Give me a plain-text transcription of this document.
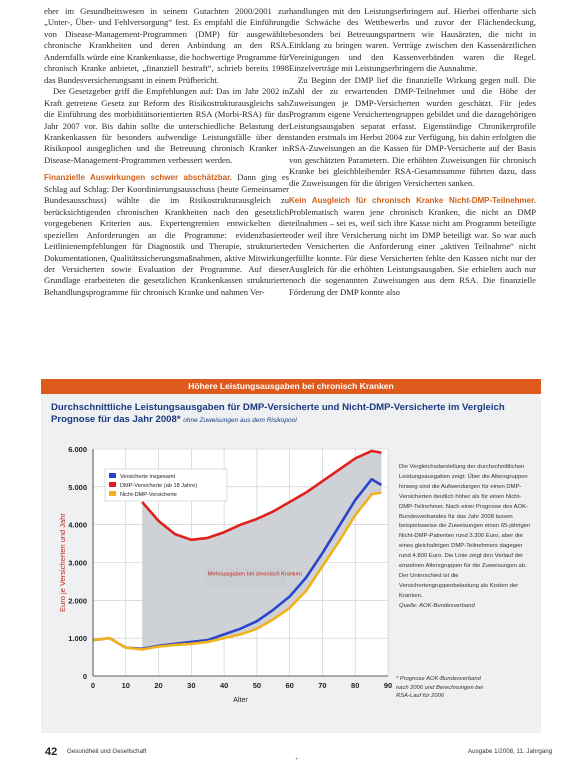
eher im Gesundheitswesen in seinem Gutachten 2000/2001 zur „Unter-, Über- und Fehlversorgung“ fest. Es empfahl die Einführung von Disease-Management-Programmen (DMP) für ausgewählte chronische Krankheiten und deren Anbindung an den RSA. Andernfalls würde eine Krankenkasse, die hochwertige Programme für chronisch Kranke anbietet, „finanziell bestraft“, schrieb bereits 1998 das Bundesversicherungsamt in einem Prüfbericht.

Der Gesetzgeber griff die Empfehlungen auf: Das im Jahr 2002 in Kraft getretene Gesetz zur Reform des Risikostrukturausgleichs sah die Einführung des morbiditätsorientierten RSA (Morbi-RSA) für das Jahr 2007 vor. Bis dahin sollte die unterschiedliche Belastung der Krankenkassen für besonders aufwendige Leistungsfälle über den Risikopool ausgeglichen und die Betreuung chronisch Kranker in Disease-Management-Programmen verbessert werden.

Finanzielle Auswirkungen schwer abschätzbar. Dann ging es Schlag auf Schlag: Der Koordinierungsausschuss (heute Gemeinsamer Bundesausschuss) wählte die im Risikostrukturausgleich zu berücksichtigenden chronischen Krankheiten nach den gesetzlich vorgegebenen Kriterien aus. Expertengremien entwickelten die speziellen Anforderungen an die Programme: evidenzbasierte Leitlinienempfehlungen für Diagnostik und Therapie, strukturierte Dokumentationen, Qualitätssicherungsmaßnahmen, aktive Mitwirkung der Versicherten sowie Evaluation der Programme. Auf dieser Grundlage erarbeiteten die gesetzlichen Krankenkassen strukturierte Behandlungsprogramme für chronisch Kranke und nahmen Ver-

handlungen mit den Leistungserbringern auf. Hierbei offenbarte sich die Schwäche des Wettbewerbs und zuvor der Flächendeckung, besonders bei Betreuungspartnern wie Hausärzten, die nicht in Einklang zu bringen waren. Verträge zwischen den Kassenärztlichen Vereinigungen und den Kassenverbänden waren die Regel. Einzelverträge mit Leistungserbringern die Ausnahme.

Zu Beginn der DMP lief die finanzielle Wirkung gegen null. Die Zahl der zu erwartenden DMP-Teilnehmer und die Höhe der Zuweisungen je DMP-Versicherten wurden geschätzt. Für jedes Programm eigene Versichertengruppen gebildet und die dazugehörigen Leistungsausgaben separat erfasst. Eigenständige Chronikerprofile standen erstmals im Herbst 2004 zur Verfügung, bis dahin erfolgten die RSA-Zuweisungen an die Kassen für DMP-Versicherte auf der Basis von geschätzten Parametern. Die erhöhten Zuweisungen für chronisch Kranke bei gleichbleibender RSA-Gesamtsumme führten dazu, dass die Zuweisungen für die übrigen Versicherten sanken.

Kein Ausgleich für chronisch Kranke Nicht-DMP-Teilnehmer. Problematisch waren jene chronisch Kranken, die nicht an DMP teilnahmen – sei es, weil sich ihre Kasse nicht am Programm beteiligte oder weil ihre Versicherung nicht im DMP beteiligt war. So war auch den Versicherten die Anforderung einer „aktiven Teilnahme“ nicht erfüllte konnte. Für diese Versicherten fehlte den Kassen nicht nur der Ausgleich für die erhöhten Leistungsausgaben. Sie erhielten auch nur noch die sogenannten Zuweisungen aus dem RSA. Die finanzielle Förderung der DMP konnte also

Höhere Leistungsausgaben bei chronisch Kranken
Durchschnittliche Leistungsausgaben für DMP-Versicherte und Nicht-DMP-Versicherte im Vergleich
Prognose für das Jahr 2008* ohne Zuweisungen aus dem Risikopool
0
1.000
2.000
3.000
4.000
5.000
6.000
0	10	20	30	40	50	60	70	80	90
Alter
Euro je Versicherten und Jahr
Versicherte insgesamt
DMP-Versicherte (ab 18 Jahre)
Nicht-DMP-Versicherte
Mehrausgaben bei chronisch Kranken
Die Vergleichsdarstellung der durchschnittlichen Leistungsausgaben zeigt: Über die Altersgruppen hinweg sind die Aufwendungen für einen DMP-Versicherten deutlich höher als für einen Nicht-DMP-Teilnehmer. Nach einer Prognose des AOK-Bundesverbandes für das Jahr 2008 lassen beispielsweise die Zuweisungen einen 65-jährigen Nicht-DMP-Patienten rund 3.300 Euro, aber die eines gleichaltrigen DMP-Teilnehmers dagegen rund 4.800 Euro. Die Linie zeigt den Verlauf der einzelnen Altersgruppen für die Zuweisungen ab. Der Unterschied ist die Versichertengruppenbelastung als Kosten der Kranken.
Quelle: AOK-Bundesverband

* Prognose AOK-Bundesverband

nach 2006 und Berechnungen bei

RSA-Lauf für 2006

42 Gesundheit und Gesellschaft	Ausgabe 1/2008, 11. Jahrgang
+
